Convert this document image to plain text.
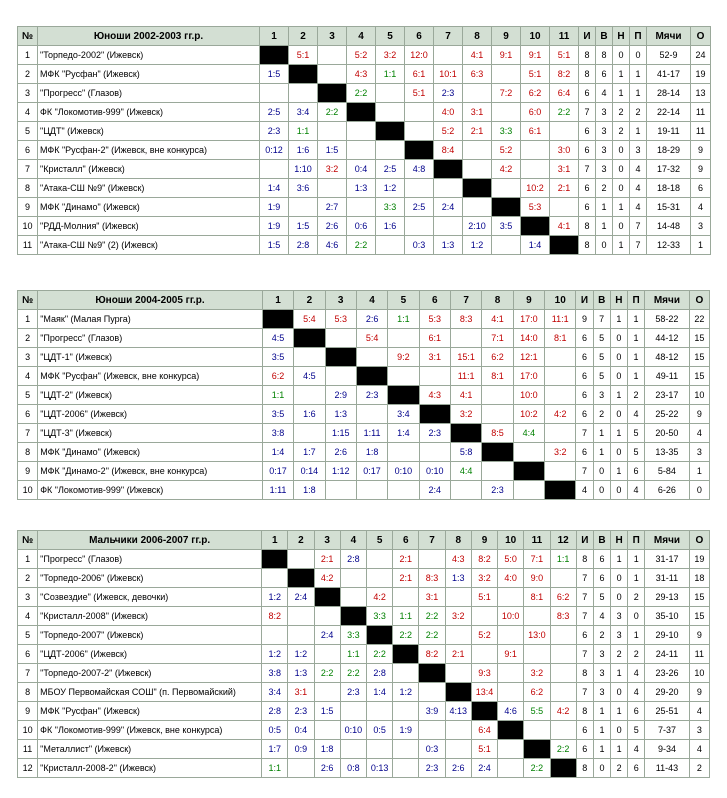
№	Юноши 2002-2003 гг.р.	1	2	3	4	5	6	7	8	9	10	11	И	В	Н	П	Мячи	О
1	"Торпедо-2002" (Ижевск)		5:1		5:2	3:2	12:0		4:1	9:1	9:1	5:1	8	8	0	0	52-9	24
2	МФК "Русфан" (Ижевск)	1:5			4:3	1:1	6:1	10:1	6:3		5:1	8:2	8	6	1	1	41-17	19
3	"Прогресс" (Глазов)				2:2		5:1	2:3		7:2	6:2	6:4	6	4	1	1	28-14	13
4	ФК "Локомотив-999" (Ижевск)	2:5	3:4	2:2				4:0	3:1		6:0	2:2	7	3	2	2	22-14	11
5	"ЦДТ" (Ижевск)	2:3	1:1					5:2	2:1	3:3	6:1		6	3	2	1	19-11	11
6	МФК "Русфан-2" (Ижевск, вне конкурса)	0:12	1:6	1:5				8:4		5:2		3:0	6	3	0	3	18-29	9
7	"Кристалл" (Ижевск)		1:10	3:2	0:4	2:5	4:8			4:2		3:1	7	3	0	4	17-32	9
8	"Атака-СШ №9" (Ижевск)	1:4	3:6		1:3	1:2					10:2	2:1	6	2	0	4	18-18	6
9	МФК "Динамо" (Ижевск)	1:9		2:7		3:3	2:5	2:4			5:3		6	1	1	4	15-31	4
10	"РДД-Молния" (Ижевск)	1:9	1:5	2:6	0:6	1:6			2:10	3:5		4:1	8	1	0	7	14-48	3
11	"Атака-СШ №9" (2) (Ижевск)	1:5	2:8	4:6	2:2		0:3	1:3	1:2		1:4		8	0	1	7	12-33	1
№	Юноши 2004-2005 гг.р.	1	2	3	4	5	6	7	8	9	10	И	В	Н	П	Мячи	О
1	"Маяк" (Малая Пурга)		5:4	5:3	2:6	1:1	5:3	8:3	4:1	17:0	11:1	9	7	1	1	58-22	22
2	"Прогресс" (Глазов)	4:5			5:4		6:1		7:1	14:0	8:1	6	5	0	1	44-12	15
3	"ЦДТ-1" (Ижевск)	3:5				9:2	3:1	15:1	6:2	12:1		6	5	0	1	48-12	15
4	МФК "Русфан" (Ижевск, вне конкурса)	6:2	4:5					11:1	8:1	17:0		6	5	0	1	49-11	15
5	"ЦДТ-2" (Ижевск)	1:1		2:9	2:3		4:3	4:1		10:0		6	3	1	2	23-17	10
6	"ЦДТ-2006" (Ижевск)	3:5	1:6	1:3		3:4		3:2		10:2	4:2	6	2	0	4	25-22	9
7	"ЦДТ-3" (Ижевск)	3:8		1:15	1:11	1:4	2:3		8:5	4:4		7	1	1	5	20-50	4
8	МФК "Динамо" (Ижевск)	1:4	1:7	2:6	1:8			5:8			3:2	6	1	0	5	13-35	3
9	МФК "Динамо-2" (Ижевск, вне конкурса)	0:17	0:14	1:12	0:17	0:10	0:10	4:4				7	0	1	6	5-84	1
10	ФК "Локомотив-999" (Ижевск)	1:11	1:8				2:4		2:3			4	0	0	4	6-26	0
№	Мальчики 2006-2007 гг.р.	1	2	3	4	5	6	7	8	9	10	11	12	И	В	Н	П	Мячи	О
1	"Прогресс" (Глазов)			2:1	2:8		2:1		4:3	8:2	5:0	7:1	1:1	8	6	1	1	31-17	19
2	"Торпедо-2006" (Ижевск)			4:2			2:1	8:3	1:3	3:2	4:0	9:0		7	6	0	1	31-11	18
3	"Созвездие" (Ижевск, девочки)	1:2	2:4			4:2		3:1		5:1		8:1	6:2	7	5	0	2	29-13	15
4	"Кристалл-2008" (Ижевск)	8:2				3:3	1:1	2:2	3:2		10:0		8:3	7	4	3	0	35-10	15
5	"Торпедо-2007" (Ижевск)			2:4	3:3		2:2	2:2		5:2		13:0		6	2	3	1	29-10	9
6	"ЦДТ-2006" (Ижевск)	1:2	1:2		1:1	2:2		8:2	2:1		9:1			7	3	2	2	24-11	11
7	"Торпедо-2007-2" (Ижевск)	3:8	1:3	2:2	2:2	2:8				9:3		3:2		8	3	1	4	23-26	10
8	МБОУ Первомайская СОШ" (п. Первомайский)	3:4	3:1		2:3	1:4	1:2			13:4		6:2		7	3	0	4	29-20	9
9	МФК "Русфан" (Ижевск)	2:8	2:3	1:5				3:9	4:13		4:6	5:5	4:2	8	1	1	6	25-51	4
10	ФК "Локомотив-999" (Ижевск, вне конкурса)	0:5	0:4		0:10	0:5	1:9			6:4				6	1	0	5	7-37	3
11	"Металлист" (Ижевск)	1:7	0:9	1:8				0:3		5:1			2:2	6	1	1	4	9-34	4
12	"Кристалл-2008-2" (Ижевск)	1:1		2:6	0:8	0:13		2:3	2:6	2:4		2:2		8	0	2	6	11-43	2
